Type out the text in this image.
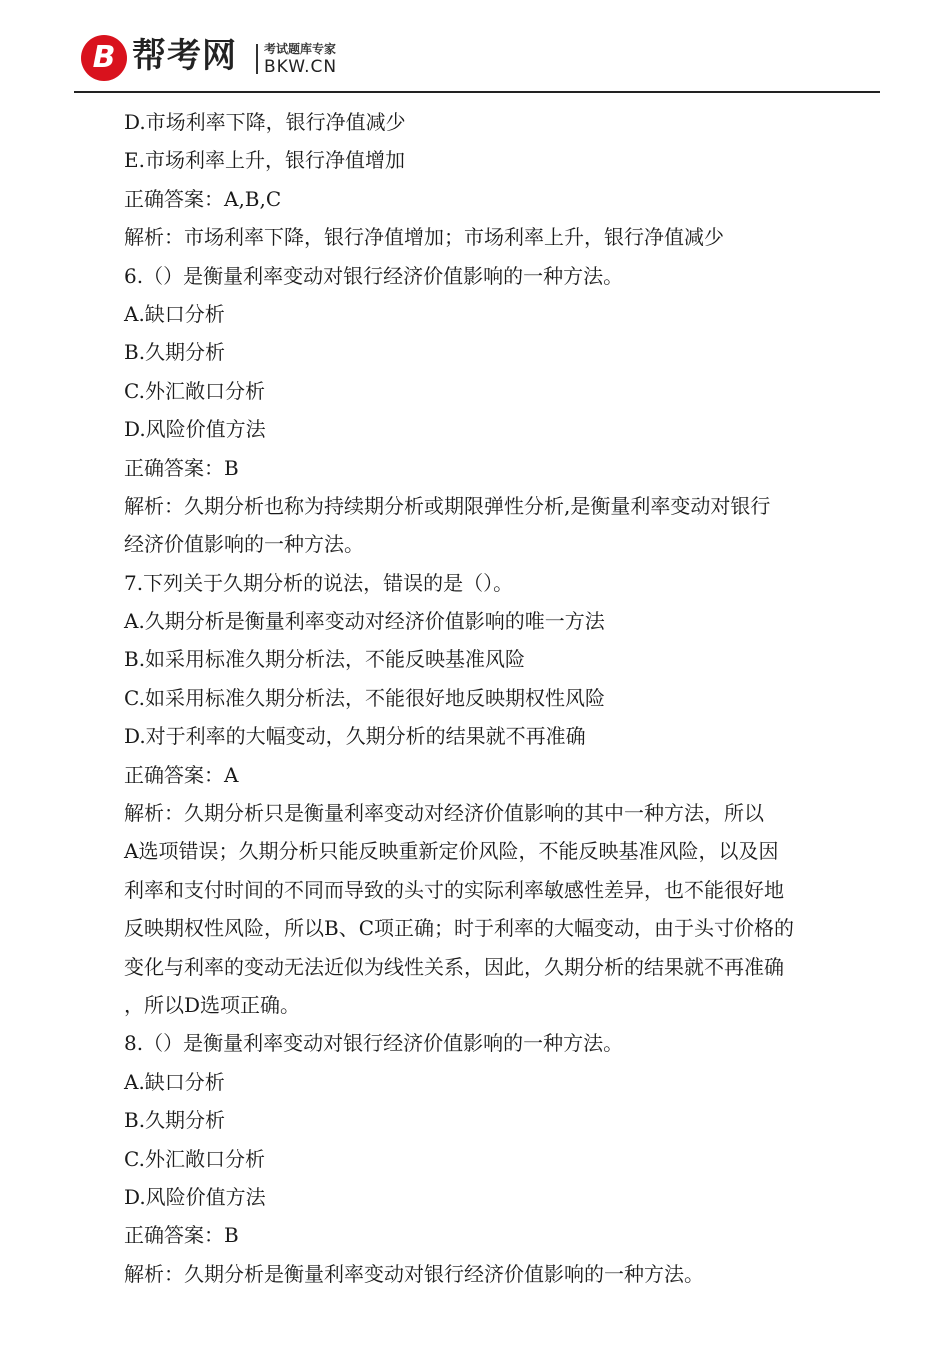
B 帮考网 考试题库专家
BKW.CN
D.市场利率下降，银行净值减少
E.市场利率上升，银行净值增加
正确答案：A,B,C
解析：市场利率下降，银行净值增加；市场利率上升，银行净值减少
6.（）是衡量利率变动对银行经济价值影响的一种方法。
A.缺口分析
B.久期分析
C.外汇敞口分析
D.风险价值方法
正确答案：B
解析：久期分析也称为持续期分析或期限弹性分析,是衡量利率变动对银行
经济价值影响的一种方法。
7.下列关于久期分析的说法，错误的是（）。
A.久期分析是衡量利率变动对经济价值影响的唯一方法
B.如采用标准久期分析法，不能反映基准风险
C.如采用标准久期分析法，不能很好地反映期权性风险
D.对于利率的大幅变动，久期分析的结果就不再准确
正确答案：A
解析：久期分析只是衡量利率变动对经济价值影响的其中一种方法，所以
A选项错误；久期分析只能反映重新定价风险，不能反映基准风险，以及因
利率和支付时间的不同而导致的头寸的实际利率敏感性差异，也不能很好地
反映期权性风险，所以B、C项正确；时于利率的大幅变动，由于头寸价格的
变化与利率的变动无法近似为线性关系，因此，久期分析的结果就不再准确
，所以D选项正确。
8.（）是衡量利率变动对银行经济价值影响的一种方法。
A.缺口分析
B.久期分析
C.外汇敞口分析
D.风险价值方法
正确答案：B
解析：久期分析是衡量利率变动对银行经济价值影响的一种方法。
